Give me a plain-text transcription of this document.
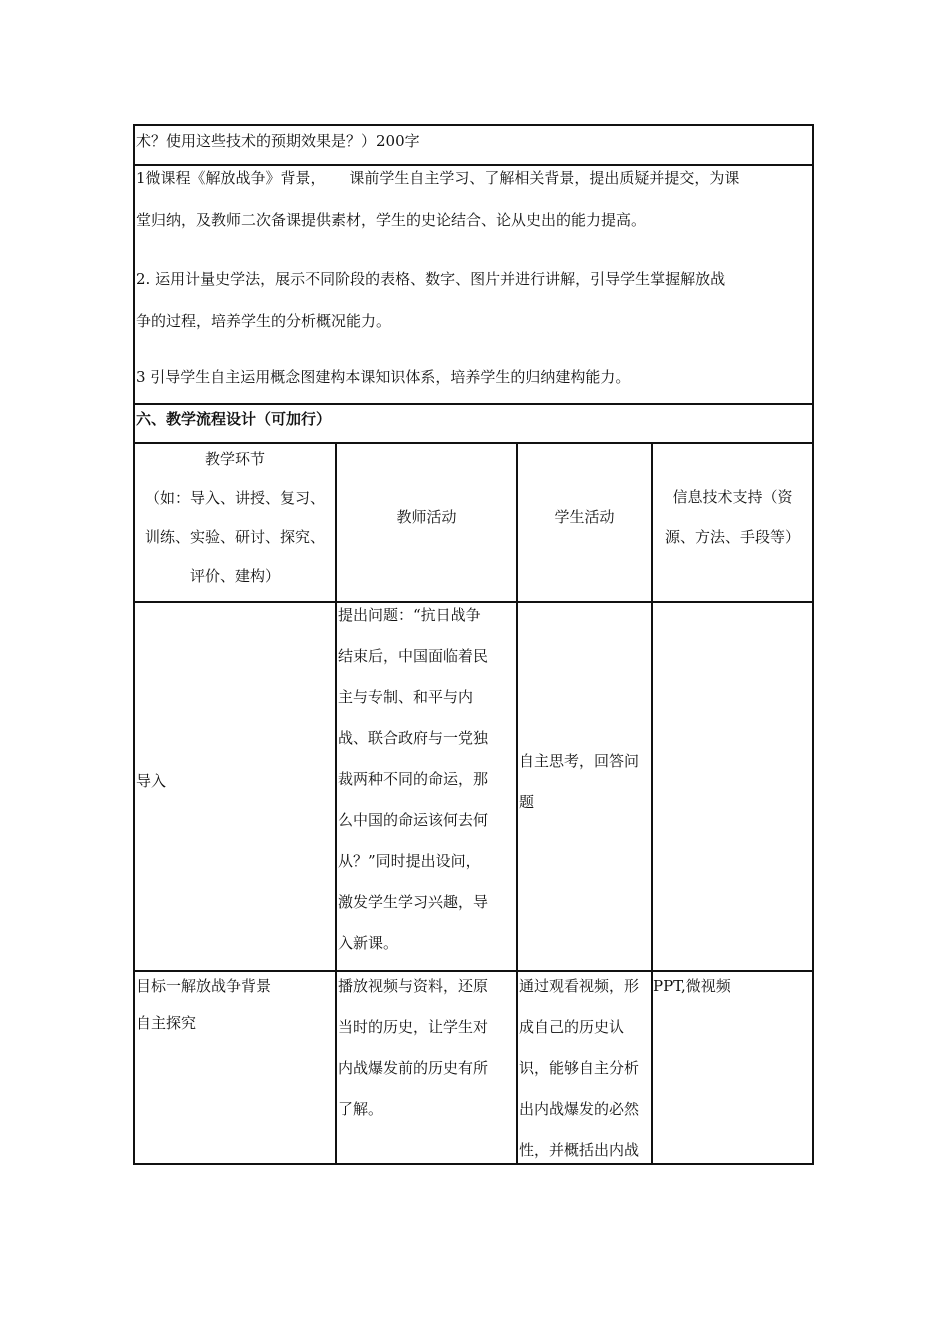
术？使用这些技术的预期效果是？）200字
1微课程《解放战争》背景，     课前学生自主学习、了解相关背景，提出质疑并提交，为课
堂归纳，及教师二次备课提供素材，学生的史论结合、论从史出的能力提高。
2. 运用计量史学法，展示不同阶段的表格、数字、图片并进行讲解，引导学生掌握解放战
争的过程，培养学生的分析概况能力。
3 引导学生自主运用概念图建构本课知识体系，培养学生的归纳建构能力。
六、教学流程设计（可加行）
教学环节
（如：导入、讲授、复习、
训练、实验、研讨、探究、
评价、建构）
教师活动	学生活动
信息技术支持（资
源、方法、手段等）
导入
提出问题：“抗日战争
结束后，中国面临着民
主与专制、和平与内
战、联合政府与一党独
裁两种不同的命运，那
么中国的命运该何去何
从？”同时提出设问，
激发学生学习兴趣，导
入新课。
自主思考，回答问
题
目标一解放战争背景
自主探究
播放视频与资料，还原
当时的历史，让学生对
内战爆发前的历史有所
了解。
通过观看视频，形
成自己的历史认
识，能够自主分析
出内战爆发的必然
性，并概括出内战
PPT,微视频
